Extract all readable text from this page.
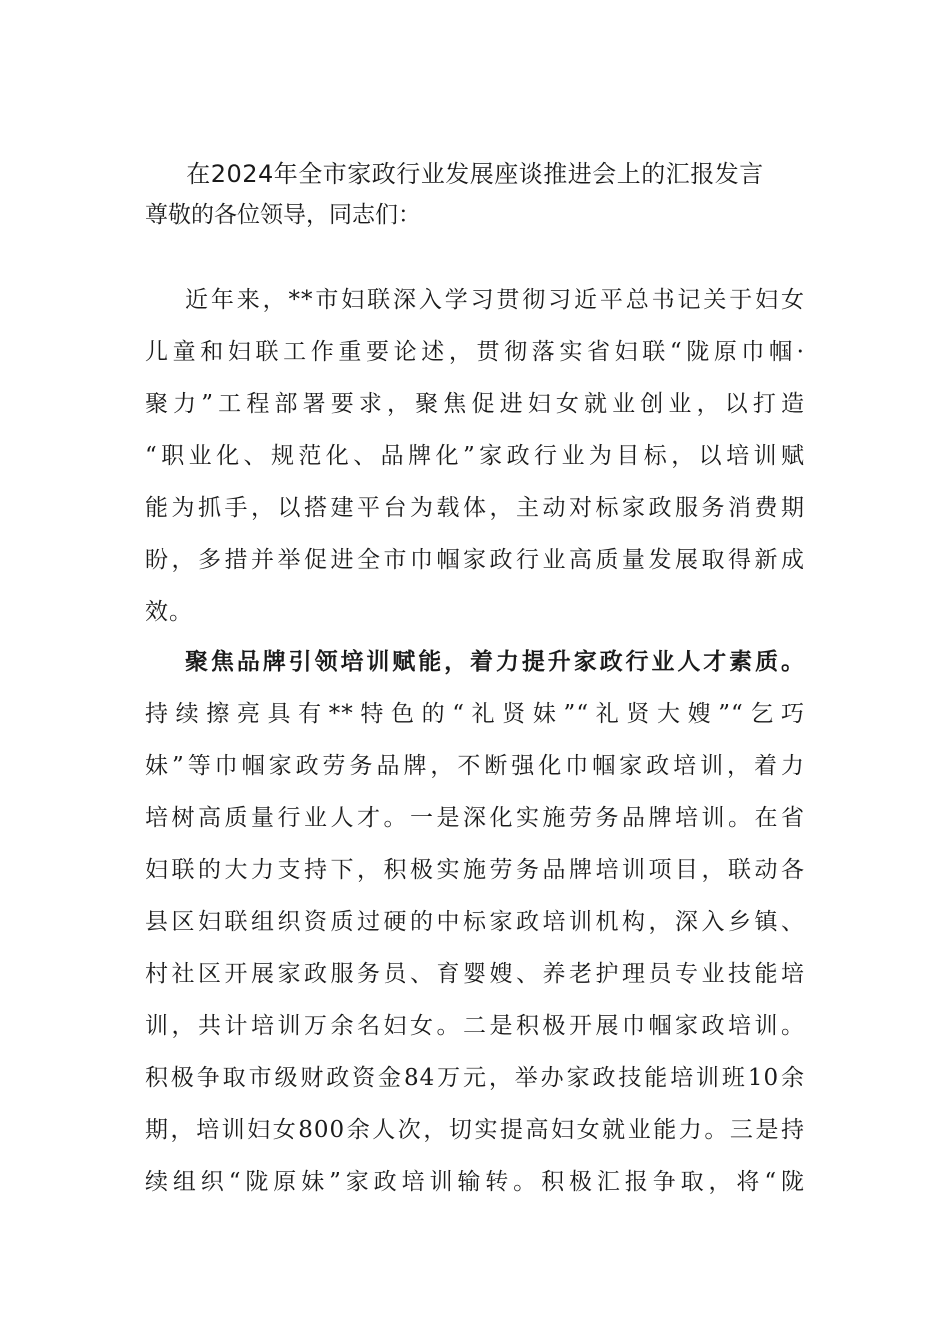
在2024年全市家政行业发展座谈推进会上的汇报发言

尊敬的各位领导，同志们：

近年来，**市妇联深入学习贯彻习近平总书记关于妇女
儿童和妇联工作重要论述，贯彻落实省妇联“陇原巾帼·
聚力”工程部署要求，聚焦促进妇女就业创业，以打造
“职业化、规范化、品牌化”家政行业为目标，以培训赋
能为抓手，以搭建平台为载体，主动对标家政服务消费期
盼，多措并举促进全市巾帼家政行业高质量发展取得新成
效。
聚焦品牌引领培训赋能，着力提升家政行业人才素质。
持续擦亮具有**特色的“礼贤妹”“礼贤大嫂”“乞巧
妹”等巾帼家政劳务品牌，不断强化巾帼家政培训，着力
培树高质量行业人才。一是深化实施劳务品牌培训。在省
妇联的大力支持下，积极实施劳务品牌培训项目，联动各
县区妇联组织资质过硬的中标家政培训机构，深入乡镇、
村社区开展家政服务员、育婴嫂、养老护理员专业技能培
训，共计培训万余名妇女。二是积极开展巾帼家政培训。
积极争取市级财政资金84万元，举办家政技能培训班10余
期，培训妇女800余人次，切实提高妇女就业能力。三是持
续组织“陇原妹”家政培训输转。积极汇报争取，将“陇
